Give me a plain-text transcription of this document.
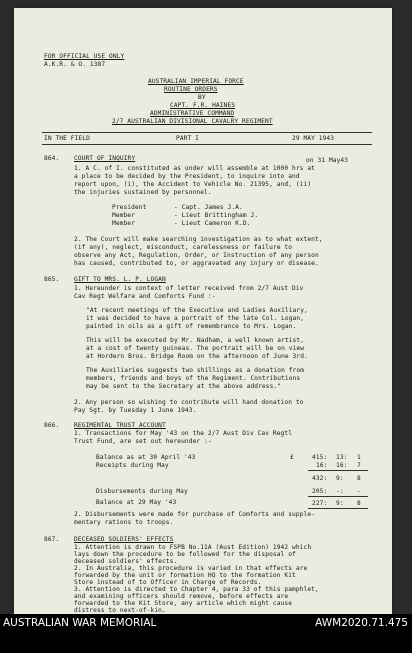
FOR OFFICIAL USE ONLY
A.K.R. & O. 1387
AUSTRALIAN IMPERIAL FORCE
ROUTINE ORDERS
BY
CAPT. F.R. HAINES
ADMINISTRATIVE COMMAND
2/7 AUSTRALIAN DIVISIONAL CAVALRY REGIMENT
IN THE FIELD	PART I	29 MAY 1943
864. COURT OF INQUIRY	on 31 May43
1. A C. of I. constituted as under will assemble at 1000 hrs at
a place to be decided by the President, to inquire into and
report upon, (i), the Accident to Vehicle No. 21395, and, (ii)
the injuries sustained by personnel.
President	- Capt. James J.A.
Member	- Lieut Brittingham J.
Member	- Lieut Cameron K.D.
2. The Court will make searching investigation as to what extent,
(if any), neglect, misconduct, carelessness or failure to
observe any Act, Regulation, Order, or Instruction of any person
has caused, contributed to, or aggravated any injury or disease.
865. GIFT TO MRS. L. P. LOGAN
1. Hereunder is context of letter received from 2/7 Aust Div
Cav Regt Welfare and Comforts Fund :-
"At recent meetings of the Executive and Ladies Auxiliary,
it was decided to have a portrait of the late Col. Logan,
painted in oils as a gift of remembrance to Mrs. Logan.
This will be executed by Mr. Nadham, a well known artist,
at a cost of twenty guineas. The portrait will be on view
at Hordern Bros. Bridge Room on the afternoon of June 3rd.
The Auxiliaries suggests two shillings as a donation from
members, friends and boys of the Regiment. Contributions
may be sent to the Secretary at the above address."
2. Any person so wishing to contribute will hand donation to
Pay Sgt. by Tuesday 1 June 1943.
866. REGIMENTAL TRUST ACCOUNT
1. Transactions for May '43 on the 2/7 Aust Div Cav Regtl
Trust Fund, are set out hereunder :-
Balance as at 30 April '43	£	415: 13: 1
Receipts during May	16: 16: 7
432: 9: 8
Disbursements during May	205: -: -
Balance at 29 May '43	227: 9: 8
2. Disbursements were made for purchase of Comforts and supple-
mentary rations to troops.
867. DECEASED SOLDIERS' EFFECTS
1. Attention is drawn to FSPB No.11A (Aust Edition) 1942 which
lays down the procedure to be followed for the disposal of
deceased soldiers' effects.
2. In Australia, this procedure is varied in that effects are
forwarded by the unit or formation HQ to the formation Kit
Store instead of to Officer in Charge of Records.
3. Attention is directed to Chapter 4, para 33 of this pamphlet,
and examining officers should remove, before effects are
forwarded to the Kit Store, any article which might cause
distress to next-of-kin.
AUSTRALIAN WAR MEMORIAL	AWM2020.71.475
